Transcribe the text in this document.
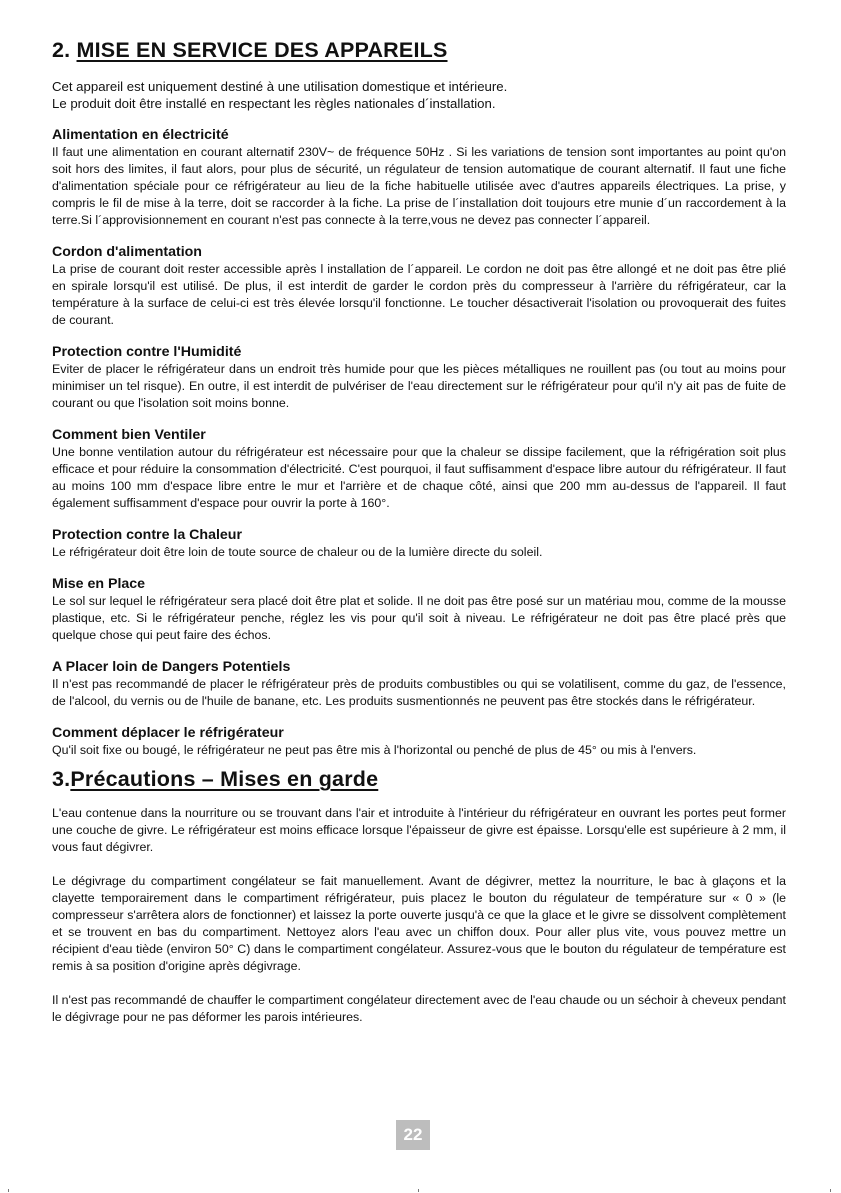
2. MISE EN SERVICE DES APPAREILS

Cet appareil est uniquement destiné à une utilisation domestique et intérieure.

Le produit doit être installé en respectant les règles nationales d´installation.

Alimentation en électricité

Il faut une alimentation en courant alternatif 230V~ de fréquence 50Hz . Si les variations de tension sont importantes au point qu'on soit hors des limites, il faut alors, pour plus de sécurité, un régulateur de tension automatique de courant alternatif. Il faut une fiche d'alimentation spéciale pour ce réfrigérateur au lieu de la fiche habituelle utilisée avec d'autres appareils électriques. La prise, y compris le fil de mise à la terre, doit se raccorder à la fiche. La prise de l´installation doit toujours etre munie d´un raccordement à la terre.Si l´approvisionnement en courant n'est pas connecte à la terre,vous ne devez pas connecter l´appareil.

Cordon d'alimentation

La prise de courant doit rester accessible après l installation de l´appareil. Le cordon ne doit pas être allongé et ne doit pas être plié en spirale lorsqu'il est utilisé. De plus, il est interdit de garder le cordon près du compresseur à l'arrière du réfrigérateur, car la température à la surface de celui-ci est très élevée lorsqu'il fonctionne. Le toucher désactiverait l'isolation ou provoquerait des fuites de courant.

Protection contre l'Humidité

Eviter de placer le réfrigérateur dans un endroit très humide pour que les pièces métalliques ne rouillent pas (ou tout au moins pour minimiser un tel risque). En outre, il est interdit de pulvériser de l'eau directement sur le réfrigérateur pour qu'il n'y ait pas de fuite de courant ou que l'isolation soit moins bonne.

Comment bien Ventiler

Une bonne ventilation autour du réfrigérateur est nécessaire pour que la chaleur se dissipe facilement, que la réfrigération soit plus efficace et pour réduire la consommation d'électricité. C'est pourquoi, il faut suffisamment d'espace libre autour du réfrigérateur. Il faut au moins 100 mm d'espace libre entre le mur et l'arrière et de chaque côté, ainsi que 200 mm au-dessus de l'appareil. Il faut également suffisamment d'espace pour ouvrir la porte à 160°.

Protection contre la Chaleur

Le réfrigérateur doit être loin de toute source de chaleur ou de la lumière directe du soleil.

Mise en Place

Le sol sur lequel le réfrigérateur sera placé doit être plat et solide. Il ne doit pas être posé sur un matériau mou, comme de la mousse plastique, etc. Si le réfrigérateur penche, réglez les vis pour qu'il soit à niveau. Le réfrigérateur ne doit pas être placé près que quelque chose qui peut faire des échos.

A Placer loin de Dangers Potentiels

Il n'est pas recommandé de placer le réfrigérateur près de produits combustibles ou qui se volatilisent, comme du gaz, de l'essence, de l'alcool, du vernis ou de l'huile de banane, etc. Les produits susmentionnés ne peuvent pas être stockés dans le réfrigérateur.

Comment déplacer le réfrigérateur

Qu'il soit fixe ou bougé, le réfrigérateur ne peut pas être mis à l'horizontal ou penché de plus de 45° ou mis à l'envers.

3.Précautions – Mises en garde

L'eau contenue dans la nourriture ou se trouvant dans l'air et introduite à l'intérieur du réfrigérateur en ouvrant les portes peut former une couche de givre. Le réfrigérateur est moins efficace lorsque l'épaisseur de givre est épaisse. Lorsqu'elle est supérieure à 2 mm, il vous faut dégivrer.

Le dégivrage du compartiment congélateur se fait manuellement. Avant de dégivrer, mettez la nourriture, le bac à glaçons et la clayette temporairement dans le compartiment réfrigérateur, puis placez le bouton du régulateur de température sur « 0 » (le compresseur s'arrêtera alors de fonctionner) et laissez la porte ouverte jusqu'à ce que la glace et le givre se dissolvent complètement et se trouvent en bas du compartiment. Nettoyez alors l'eau avec un chiffon doux. Pour aller plus vite, vous pouvez mettre un récipient d'eau tiède (environ 50° C) dans le compartiment congélateur. Assurez-vous que le bouton du régulateur de température est remis à sa position d'origine après dégivrage.

Il n'est pas recommandé de chauffer le compartiment congélateur directement avec de l'eau chaude ou un séchoir à cheveux pendant le dégivrage pour ne pas déformer les parois intérieures.

22
